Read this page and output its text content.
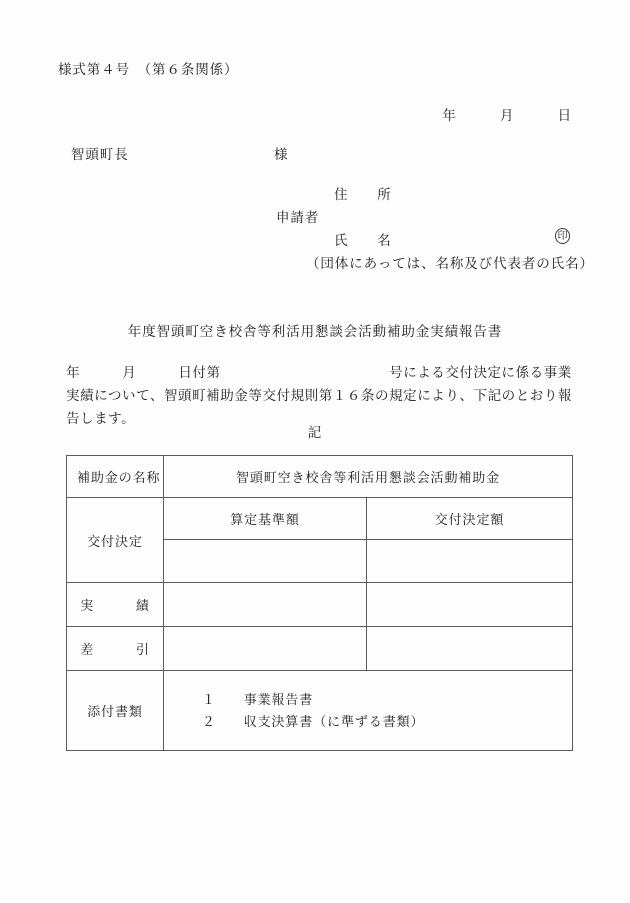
様式第４号　（第６条関係）
年　　　月　　　日
智頭町長	様

住　　所

申請者

氏　　名

	印

（団体にあっては、名称及び代表者の氏名）

年度智頭町空き校舎等利活用懇談会活動補助金実績報告書
年　　　月　　　日付第　　　　　　　　　　　　号による交付決定に係る事業
実績について、智頭町補助金等交付規則第１６条の規定により、下記のとおり報告します。
記
補助金の名称	智頭町空き校舎等利活用懇談会活動補助金	
交付決定	算定基準額	交付決定額

実　　　績		
差　　　引		
添付書類	１　　事業報告書
２　　収支決算書（に準ずる書類）	
